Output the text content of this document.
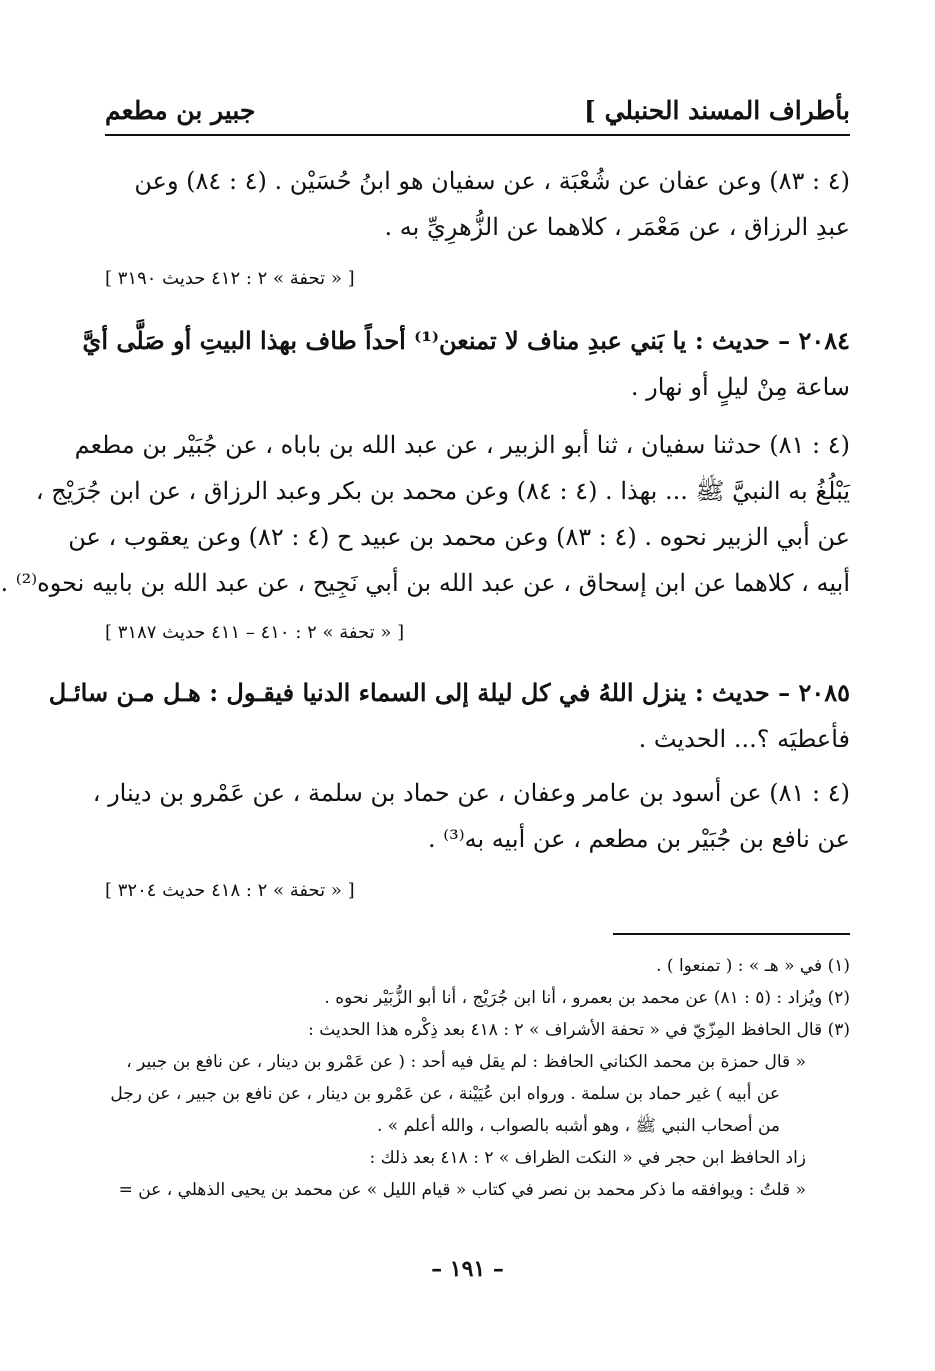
بأطراف المسند الحنبلي ]
جبير بن مطعم
(٤ : ٨٣) وعن عفان عن شُعْبَة ، عن سفيان هو ابنُ حُسَيْن . (٤ : ٨٤) وعن
عبدِ الرزاق ، عن مَعْمَر ، كلاهما عن الزُّهرِيِّ به .
[ « تحفة » ٢ : ٤١٢ حديث ٣١٩٠ ]
٢٠٨٤ – حديث : يا بَني عبدِ مناف لا تمنعن⁽¹⁾ أحداً طاف بهذا البيتِ أو صَلَّى أيَّ
ساعة مِنْ ليلٍ أو نهار .
(٤ : ٨١) حدثنا سفيان ، ثنا أبو الزبير ، عن عبد الله بن باباه ، عن جُبَيْر بن مطعم
يَبْلُغُ به النبيَّ ﷺ ... بهذا . (٤ : ٨٤) وعن محمد بن بكر وعبد الرزاق ، عن ابن جُرَيْج ،
عن أبي الزبير نحوه . (٤ : ٨٣) وعن محمد بن عبيد ح (٤ : ٨٢) وعن يعقوب ، عن
أبيه ، كلاهما عن ابن إسحاق ، عن عبد الله بن أبي نَجِيح ، عن عبد الله بن بابيه نحوه⁽²⁾ .
[ « تحفة » ٢ : ٤١٠ – ٤١١ حديث ٣١٨٧ ]
٢٠٨٥ – حديث : ينزل اللهُ في كل ليلة إلى السماء الدنيا فيقـول : هـل مـن سائـل
فأعطيَه ؟... الحديث .
(٤ : ٨١) عن أسود بن عامر وعفان ، عن حماد بن سلمة ، عن عَمْرو بن دينار ،
عن نافع بن جُبَيْر بن مطعم ، عن أبيه به⁽³⁾ .
[ « تحفة » ٢ : ٤١٨ حديث ٣٢٠٤ ]
(١) في « هـ » : ( تمنعوا ) .
(٢) ويُزاد : (٥ : ٨١) عن محمد بن بعمرو ، أنا ابن جُرَيْج ، أنا أبو الزُّبَيْر نحوه .
(٣) قال الحافظ المِزّيّ في « تحفة الأشراف » ٢ : ٤١٨ بعد ذِكْره هذا الحديث :
« قال حمزة بن محمد الكناني الحافظ : لم يقل فيه أحد : ( عن عَمْرو بن دينار ، عن نافع بن جبير ،
عن أبيه ) غير حماد بن سلمة . ورواه ابن عُيَيْنة ، عن عَمْرو بن دينار ، عن نافع بن جبير ، عن رجل
من أصحاب النبي ﷺ ، وهو أشبه بالصواب ، والله أعلم » .
زاد الحافظ ابن حجر في « النكت الظراف » ٢ : ٤١٨ بعد ذلك :
« قلتُ : ويوافقه ما ذكر محمد بن نصر في كتاب « قيام الليل » عن محمد بن يحيى الذهلي ، عن =
– ١٩١ –
